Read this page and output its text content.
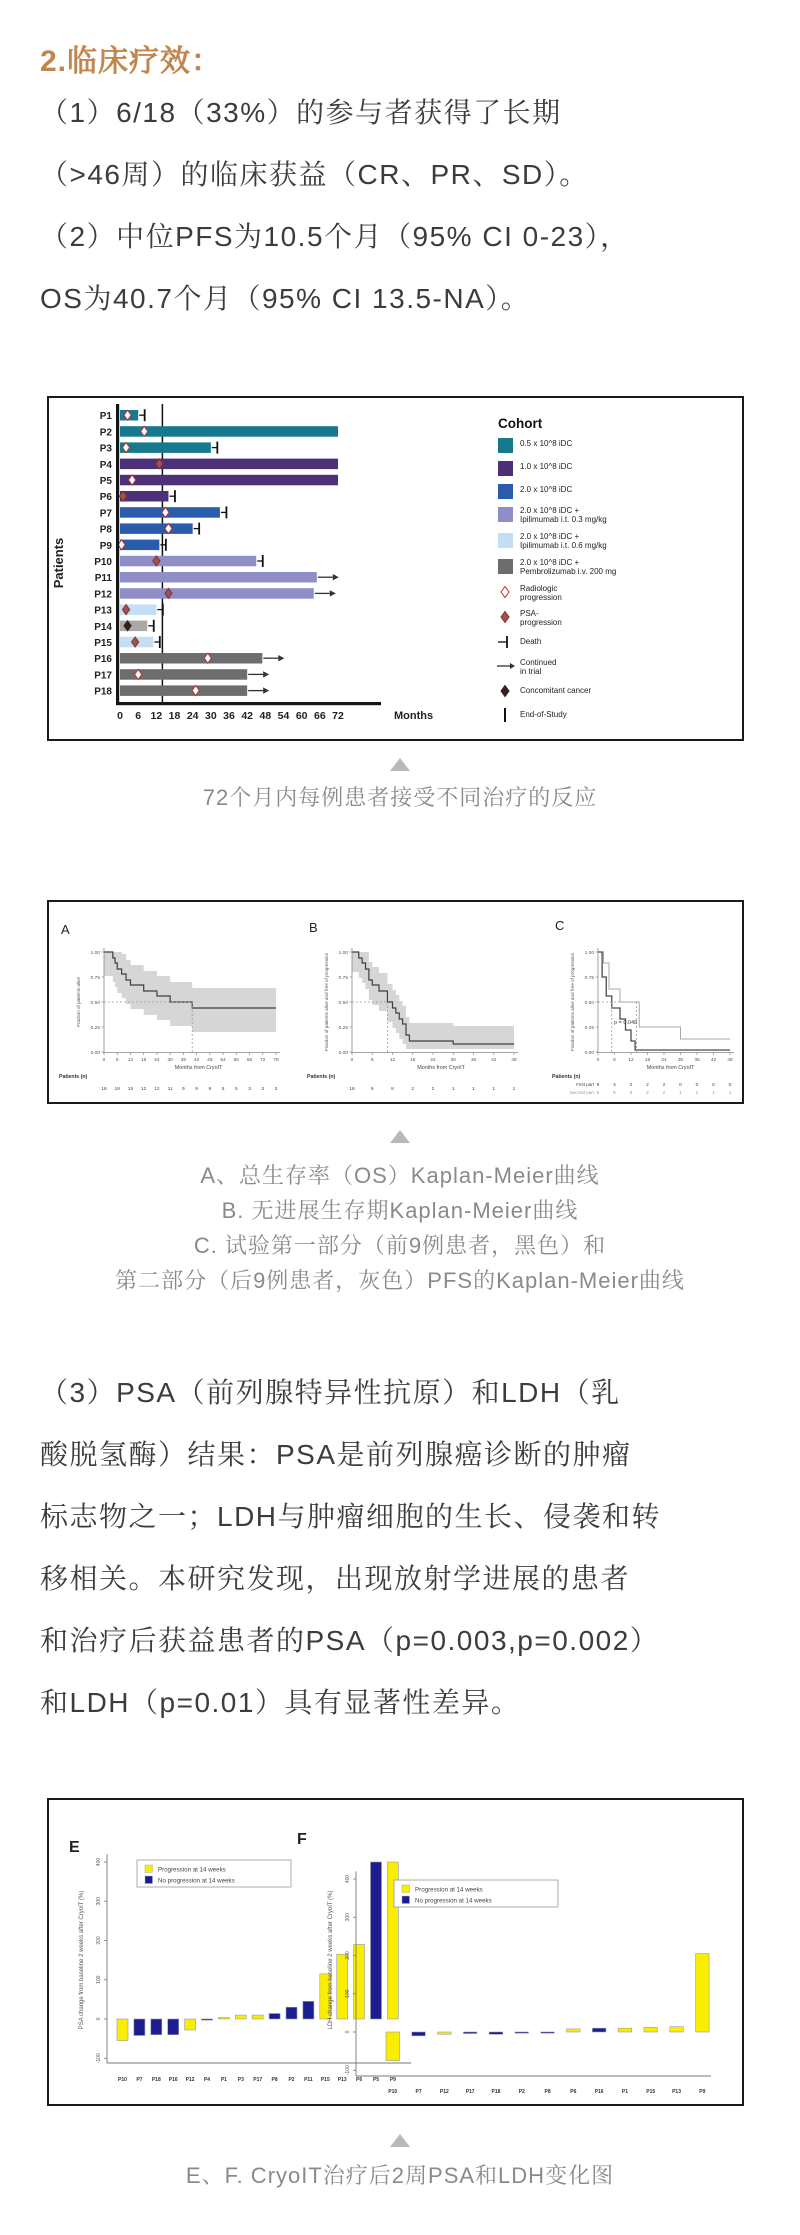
2.临床疗效：
（1）6/18（33%）的参与者获得了长期
（>46周）的临床获益（CR、PR、SD）。
（2）中位PFS为10.5个月（95% CI 0-23），
OS为40.7个月（95% CI 13.5-NA）。
P1
P2
P3
P4
P5
P6
P7
P8
P9
P10
P11
P12
P13
P14
P15
P16
P17
P18
0 6 12 18 24 30 36 42 48 54 60 66 72	Months
Patients
Cohort
0.5 x 10^8 iDC
1.0 x 10^8 iDC
2.0 x 10^8 iDC
2.0 x 10^8 iDC +
Ipilimumab i.t. 0.3 mg/kg
2.0 x 10^8 iDC +
Ipilimumab i.t. 0.6 mg/kg
2.0 x 10^8 iDC +
Pembrolizumab i.v. 200 mg
Radiologic
progression
PSA-
progression
Death
Continued
in trial
Concomitant cancer
End-of-Study
72个月内每例患者接受不同治疗的反应
A
1.00
0.75
0.50
0.25
0.00
0 6 12 18 24 30 36 42 48 54 60 66 72 78
Months from CryoIT
Fraction of patients alive
Patients (n)
18 18 15 12 12 11 9 9 9 5 5 3 3 3
B
1.00
0.75
0.50
0.25
0.00
0	6	12	18	24	30	36	42	48
Months from CryoIT
Fraction of patients alive and free of progression
Patients (n)
18	9	8	2	2	1	1	1	1
C
p = 0.048
1.00
0.75
0.50
0.25
0.00
0	6	12 18 24 30 36 42 48
Months from CryoIT
Fraction of patients alive and free of progression
Patients (n)
First part 9	4	2	2	2	0	0	0	0
Second part 9	5	5	2	2	1	1	1	1
A、总生存率（OS）Kaplan-Meier曲线
B. 无进展生存期Kaplan-Meier曲线
C. 试验第一部分（前9例患者，黑色）和
第二部分（后9例患者，灰色）PFS的Kaplan-Meier曲线
（3）PSA（前列腺特异性抗原）和LDH（乳
酸脱氢酶）结果：PSA是前列腺癌诊断的肿瘤
标志物之一；LDH与肿瘤细胞的生长、侵袭和转
移相关。本研究发现，出现放射学进展的患者
和治疗后获益患者的PSA（p=0.003,p=0.002）
和LDH（p=0.01）具有显著性差异。
E
-100
0
100
200
300
400
PSA change from baseline 2 weeks after CryoIT (%)
P10 P7 P18 P16 P12 P4 P1 P3 P17 P8 P2 P11 P15 P13 P6 P5 P9
Progression at 14 weeks
No progression at 14 weeks
F
-100
0
100
200
300
400
LDH change from baseline 2 weeks after CryoIT (%)
P10	P7	P12	P17	P18	P2	P8	P6	P16	P1	P15	P13	P9
Progression at 14 weeks
No progression at 14 weeks
E、F. CryoIT治疗后2周PSA和LDH变化图
